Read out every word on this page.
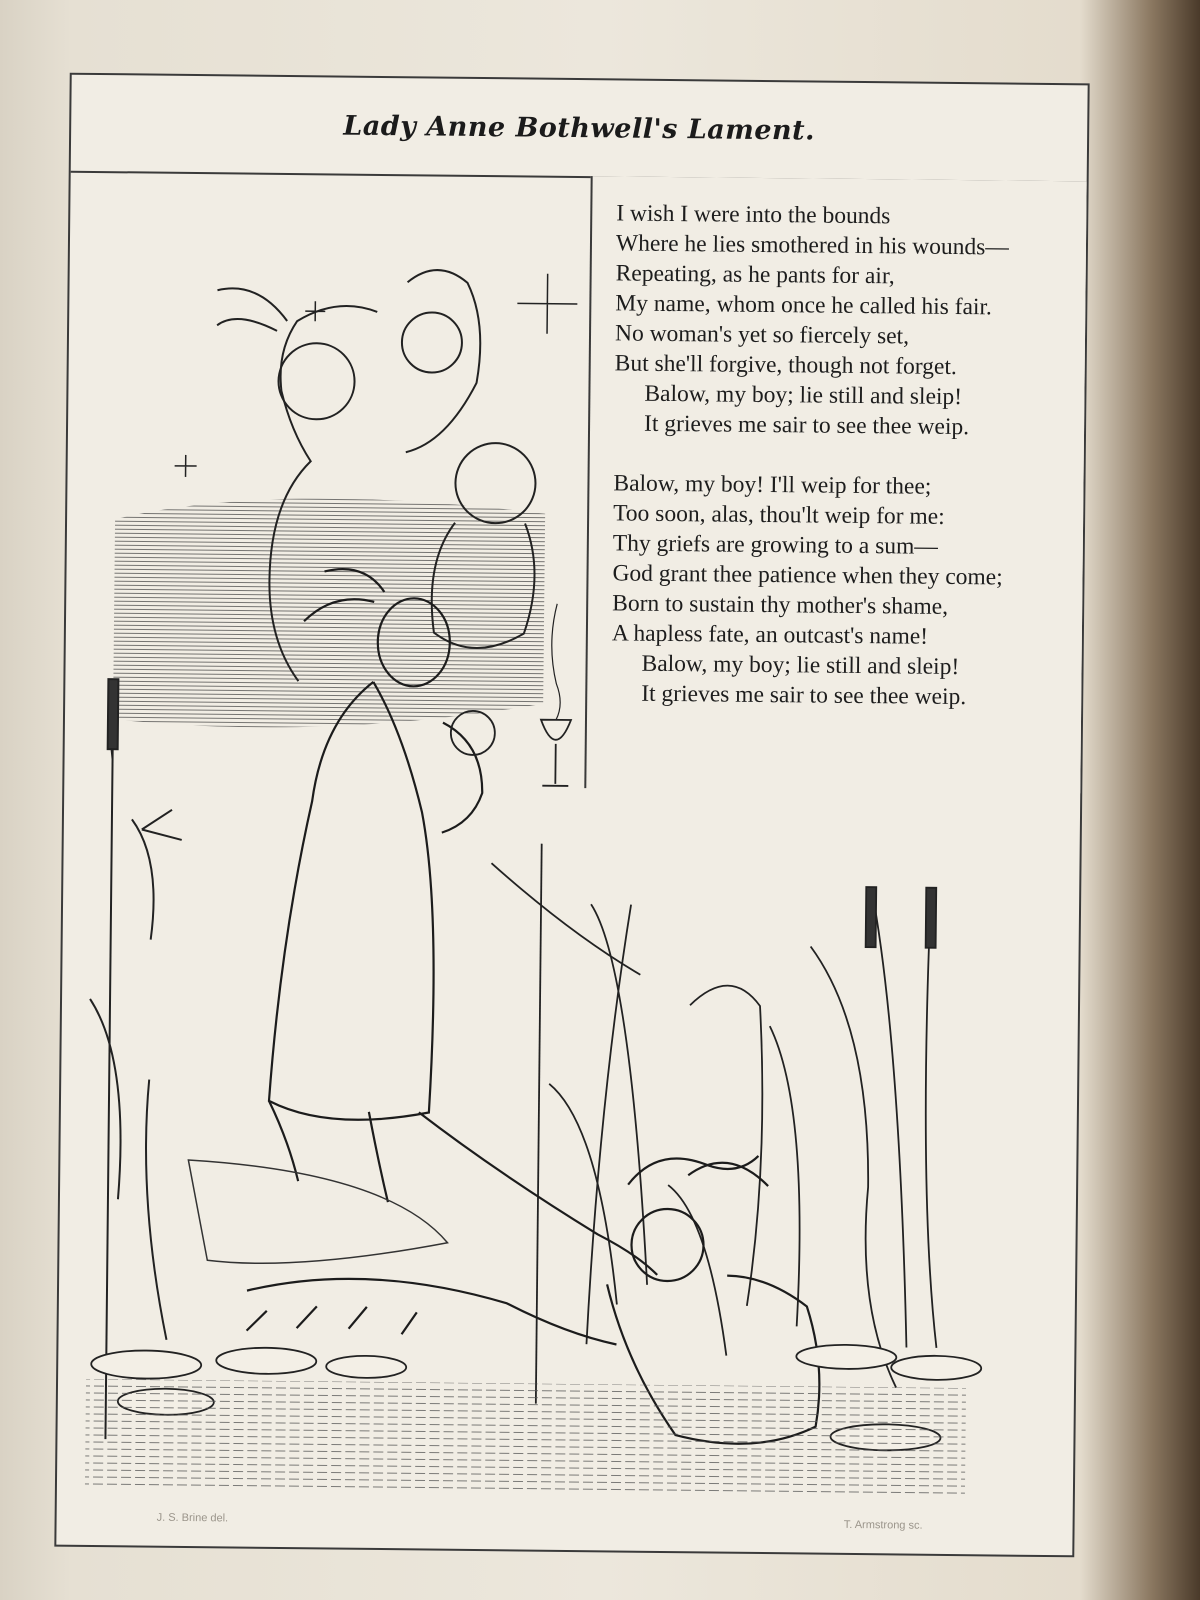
Lady Anne Bothwell's Lament.
I wish I were into the bounds
Where he lies smothered in his wounds—
Repeating, as he pants for air,
My name, whom once he called his fair.
No woman's yet so fiercely set,
But she'll forgive, though not forget.
Balow, my boy; lie still and sleip!
It grieves me sair to see thee weip.
Balow, my boy! I'll weip for thee;
Too soon, alas, thou'lt weip for me:
Thy griefs are growing to a sum—
God grant thee patience when they come;
Born to sustain thy mother's shame,
A hapless fate, an outcast's name!
Balow, my boy; lie still and sleip!
It grieves me sair to see thee weip.
J. S. Brine del.
T. Armstrong sc.
